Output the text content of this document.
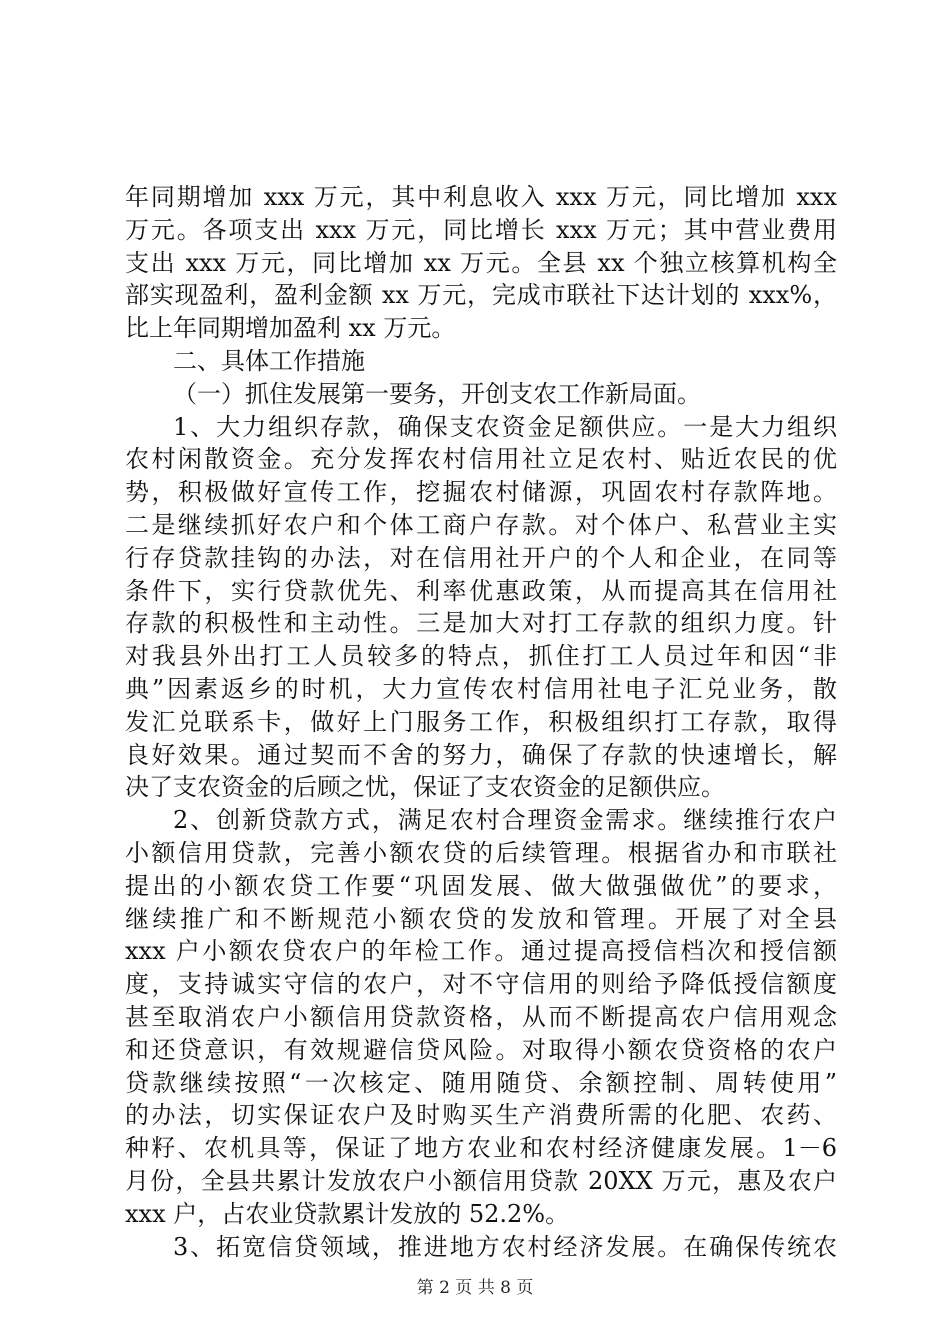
年同期增加 xxx 万元，其中利息收入 xxx 万元，同比增加 xxx
万元。各项支出 xxx 万元，同比增长 xxx 万元；其中营业费用
支出 xxx 万元，同比增加 xx 万元。全县 xx 个独立核算机构全
部实现盈利，盈利金额 xx 万元，完成市联社下达计划的 xxx%，
比上年同期增加盈利 xx 万元。
二、具体工作措施
（一）抓住发展第一要务，开创支农工作新局面。
1、大力组织存款，确保支农资金足额供应。一是大力组织
农村闲散资金。充分发挥农村信用社立足农村、贴近农民的优
势，积极做好宣传工作，挖掘农村储源，巩固农村存款阵地。
二是继续抓好农户和个体工商户存款。对个体户、私营业主实
行存贷款挂钩的办法，对在信用社开户的个人和企业，在同等
条件下，实行贷款优先、利率优惠政策，从而提高其在信用社
存款的积极性和主动性。三是加大对打工存款的组织力度。针
对我县外出打工人员较多的特点，抓住打工人员过年和因“非
典”因素返乡的时机，大力宣传农村信用社电子汇兑业务，散
发汇兑联系卡，做好上门服务工作，积极组织打工存款，取得
良好效果。通过契而不舍的努力，确保了存款的快速增长，解
决了支农资金的后顾之忧，保证了支农资金的足额供应。
2、创新贷款方式，满足农村合理资金需求。继续推行农户
小额信用贷款，完善小额农贷的后续管理。根据省办和市联社
提出的小额农贷工作要“巩固发展、做大做强做优”的要求，
继续推广和不断规范小额农贷的发放和管理。开展了对全县
xxx 户小额农贷农户的年检工作。通过提高授信档次和授信额
度，支持诚实守信的农户，对不守信用的则给予降低授信额度
甚至取消农户小额信用贷款资格，从而不断提高农户信用观念
和还贷意识，有效规避信贷风险。对取得小额农贷资格的农户
贷款继续按照“一次核定、随用随贷、余额控制、周转使用”
的办法，切实保证农户及时购买生产消费所需的化肥、农药、
种籽、农机具等，保证了地方农业和农村经济健康发展。1－6
月份，全县共累计发放农户小额信用贷款 20XX 万元，惠及农户
xxx 户，占农业贷款累计发放的 52.2%。
3、拓宽信贷领域，推进地方农村经济发展。在确保传统农
第 2 页 共 8 页
